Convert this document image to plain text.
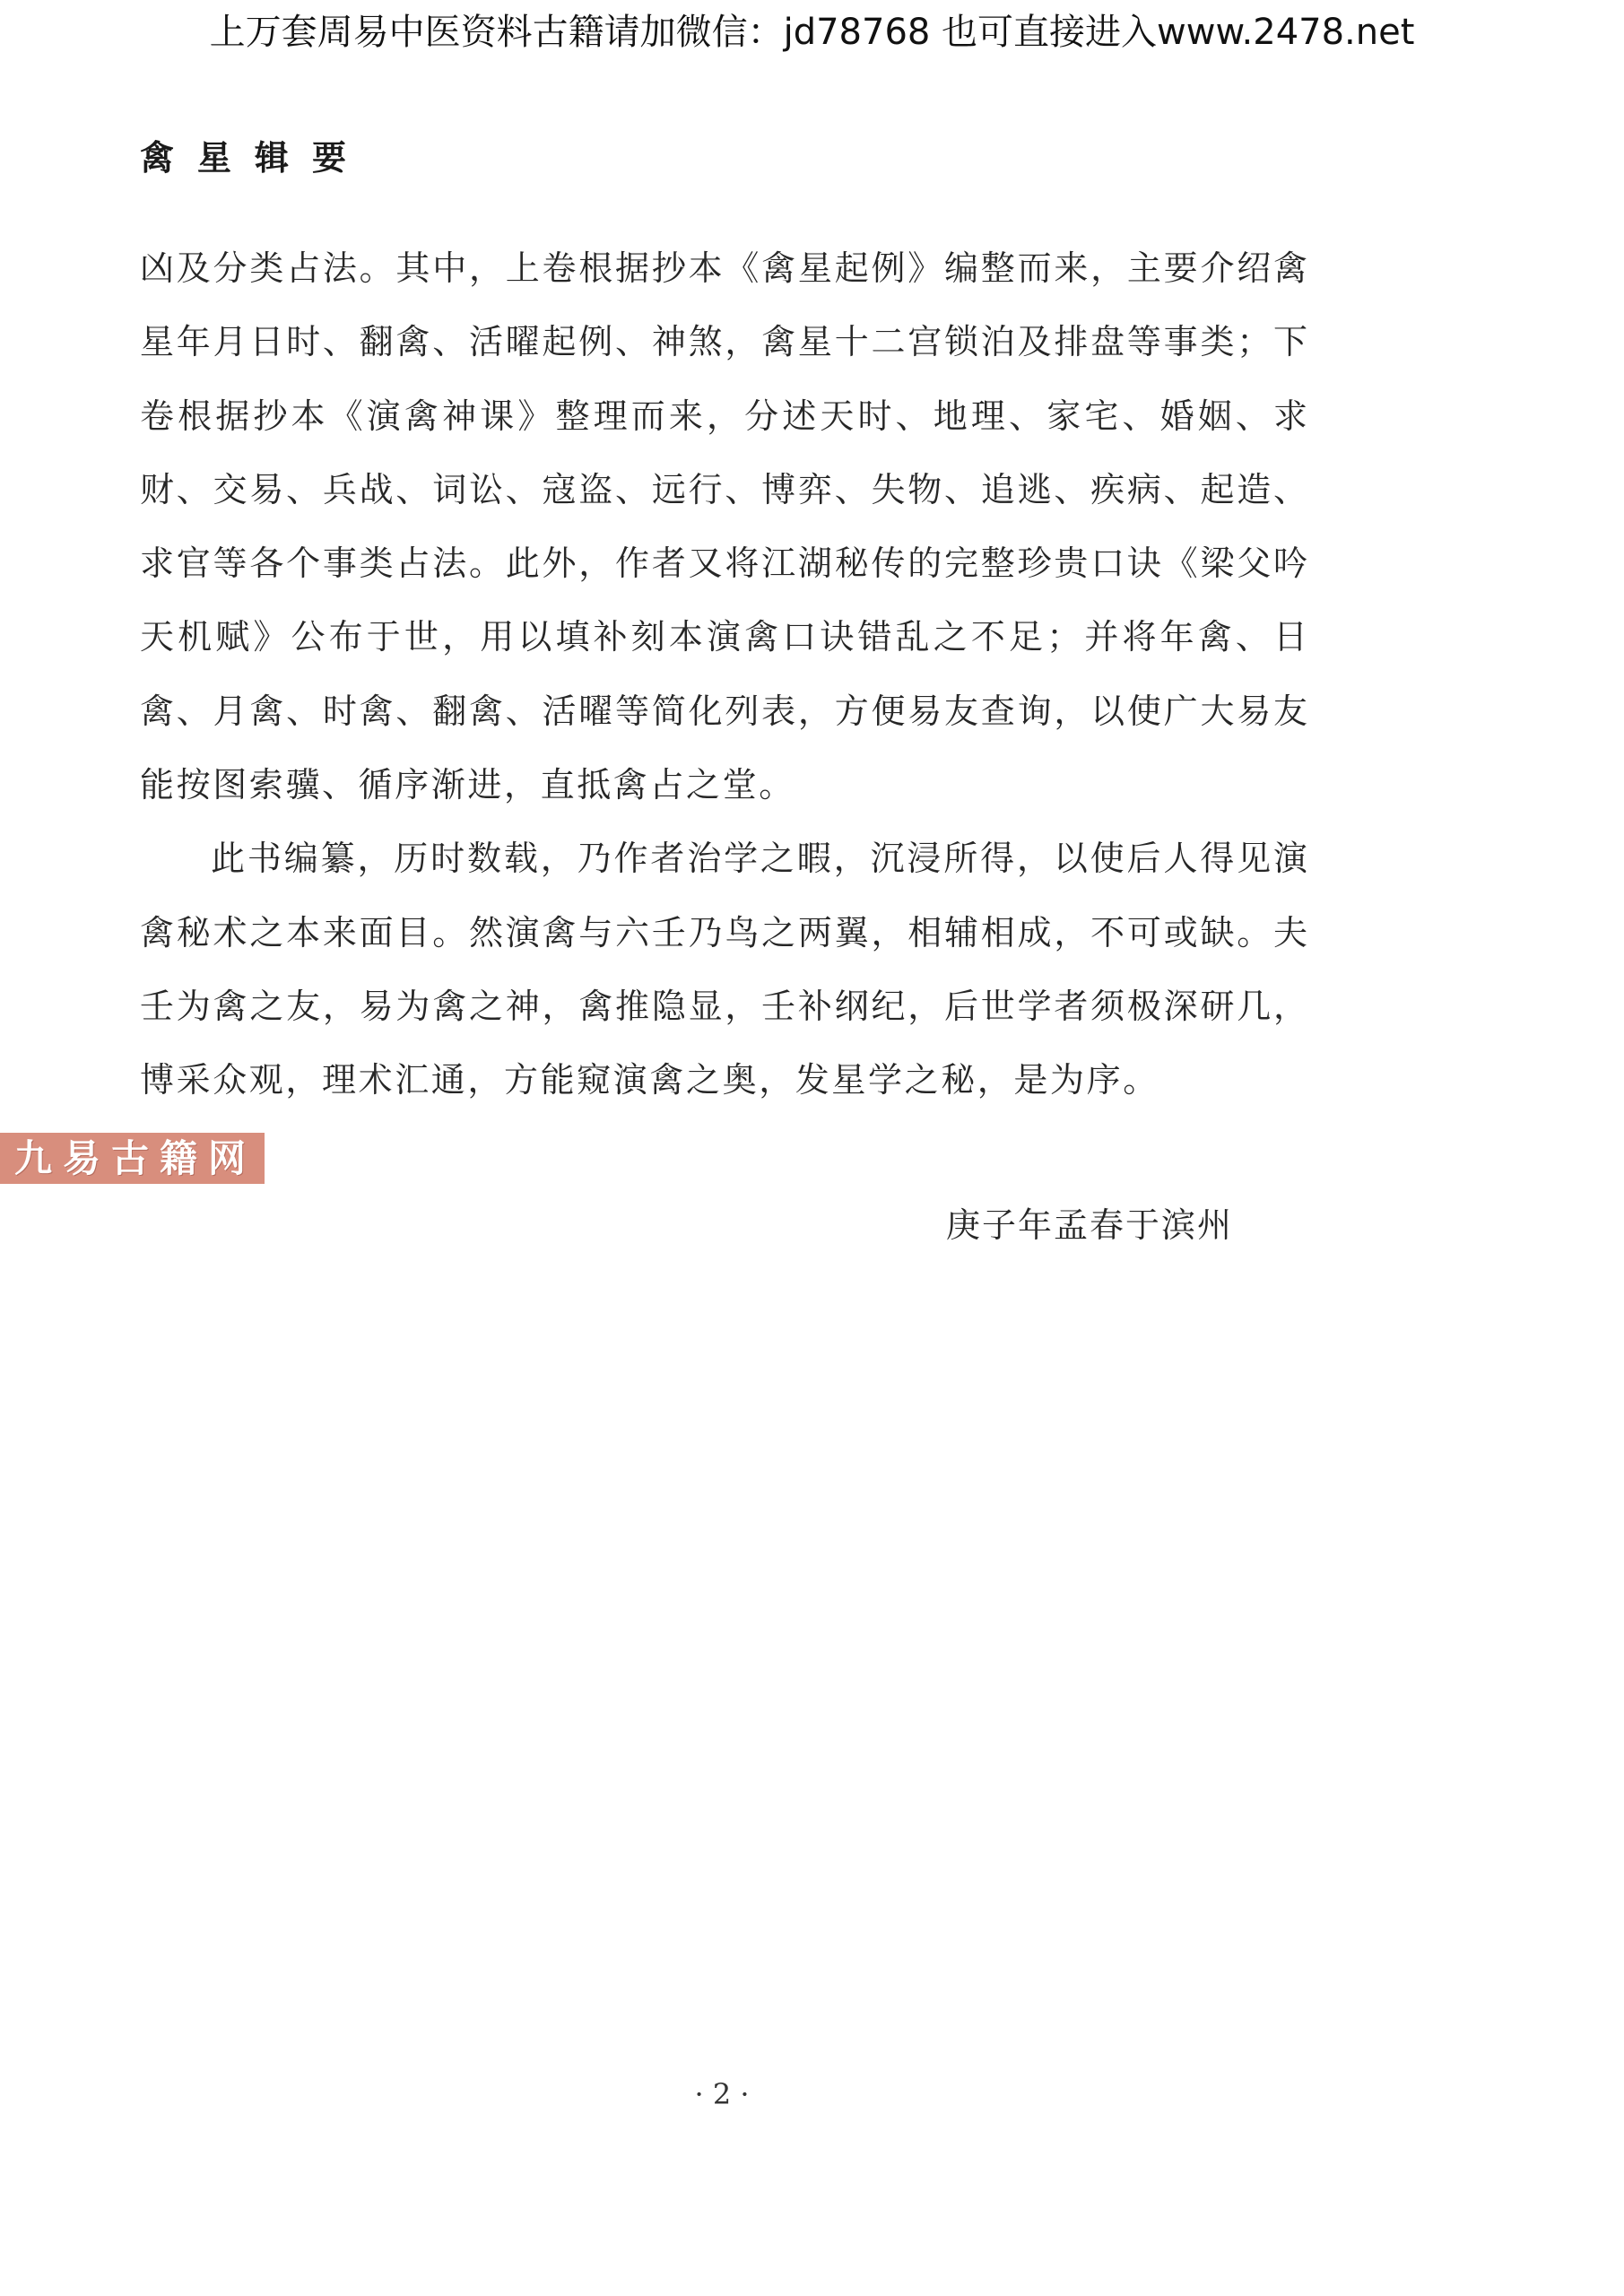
上万套周易中医资料古籍请加微信：jd78768 也可直接进入www.2478.net
禽星辑要
凶及分类占法。其中，上卷根据抄本《禽星起例》编整而来，主要介绍禽
星年月日时、翻禽、活曜起例、神煞，禽星十二宫锁泊及排盘等事类；下
卷根据抄本《演禽神课》整理而来，分述天时、地理、家宅、婚姻、求
财、交易、兵战、词讼、寇盗、远行、博弈、失物、追逃、疾病、起造、
求官等各个事类占法。此外，作者又将江湖秘传的完整珍贵口诀《梁父吟
天机赋》公布于世，用以填补刻本演禽口诀错乱之不足；并将年禽、日
禽、月禽、时禽、翻禽、活曜等简化列表，方便易友查询，以使广大易友
能按图索骥、循序渐进，直抵禽占之堂。
此书编纂，历时数载，乃作者治学之暇，沉浸所得，以使后人得见演
禽秘术之本来面目。然演禽与六壬乃鸟之两翼，相辅相成，不可或缺。夫
壬为禽之友，易为禽之神，禽推隐显，壬补纲纪，后世学者须极深研几，
博采众观，理术汇通，方能窥演禽之奥，发星学之秘，是为序。
九易古籍网
庚子年孟春于滨州
· 2 ·
